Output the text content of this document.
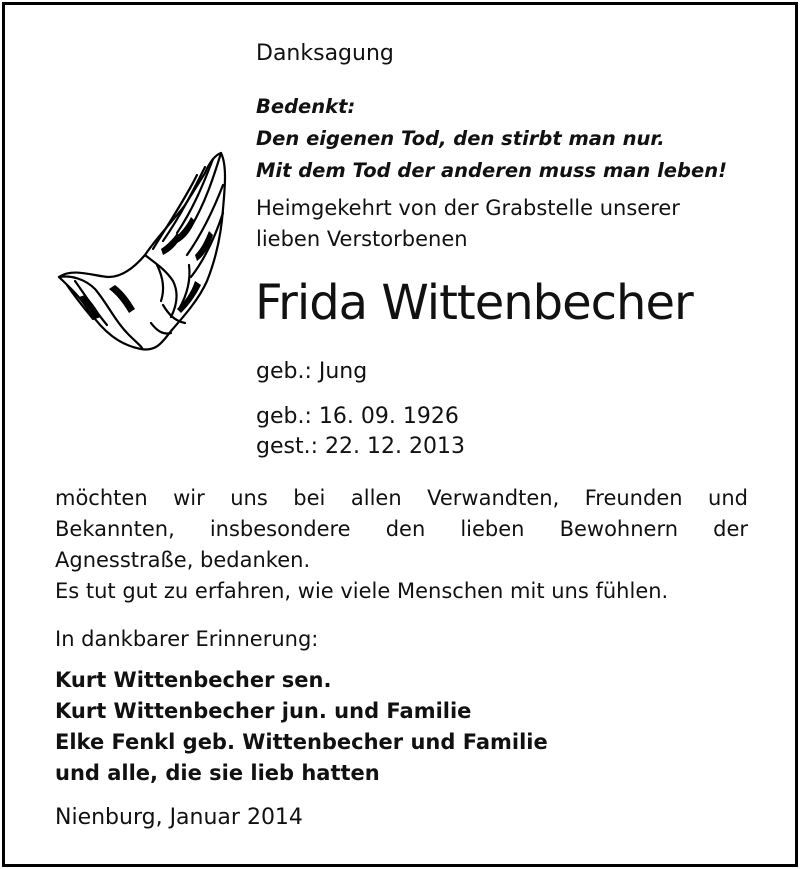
Danksagung
Bedenkt:
Den eigenen Tod, den stirbt man nur.
Mit dem Tod der anderen muss man leben!
Heimgekehrt von der Grabstelle unserer
lieben Verstorbenen
Frida Wittenbecher
geb.: Jung
geb.: 16. 09. 1926
gest.: 22. 12. 2013
möchten wir uns bei allen Verwandten, Freunden und
Bekannten, insbesondere den lieben Bewohnern der
Agnesstraße, bedanken.
Es tut gut zu erfahren, wie viele Menschen mit uns fühlen.
In dankbarer Erinnerung:
Kurt Wittenbecher sen.
Kurt Wittenbecher jun. und Familie
Elke Fenkl geb. Wittenbecher und Familie
und alle, die sie lieb hatten
Nienburg, Januar 2014
